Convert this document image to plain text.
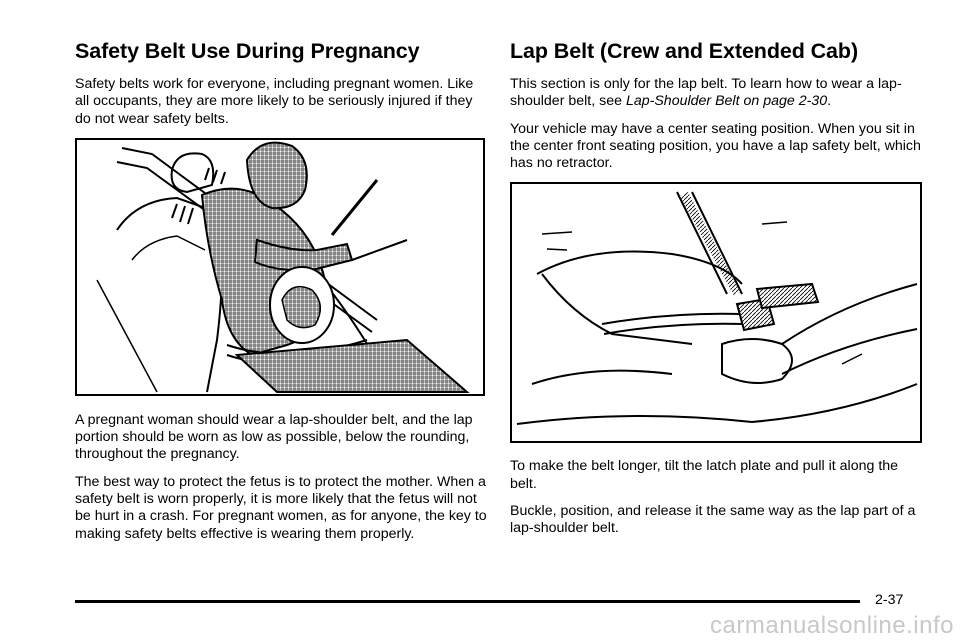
Safety Belt Use During Pregnancy

Safety belts work for everyone, including pregnant women. Like all occupants, they are more likely to be seriously injured if they do not wear safety belts.

A pregnant woman should wear a lap-shoulder belt, and the lap portion should be worn as low as possible, below the rounding, throughout the pregnancy.

The best way to protect the fetus is to protect the mother. When a safety belt is worn properly, it is more likely that the fetus will not be hurt in a crash. For pregnant women, as for anyone, the key to making safety belts effective is wearing them properly.

Lap Belt (Crew and Extended Cab)

This section is only for the lap belt. To learn how to wear a lap-shoulder belt, see Lap-Shoulder Belt on page 2-30.

Your vehicle may have a center seating position. When you sit in the center front seating position, you have a lap safety belt, which has no retractor.

To make the belt longer, tilt the latch plate and pull it along the belt.

Buckle, position, and release it the same way as the lap part of a lap-shoulder belt.

2-37
carmanualsonline.info
